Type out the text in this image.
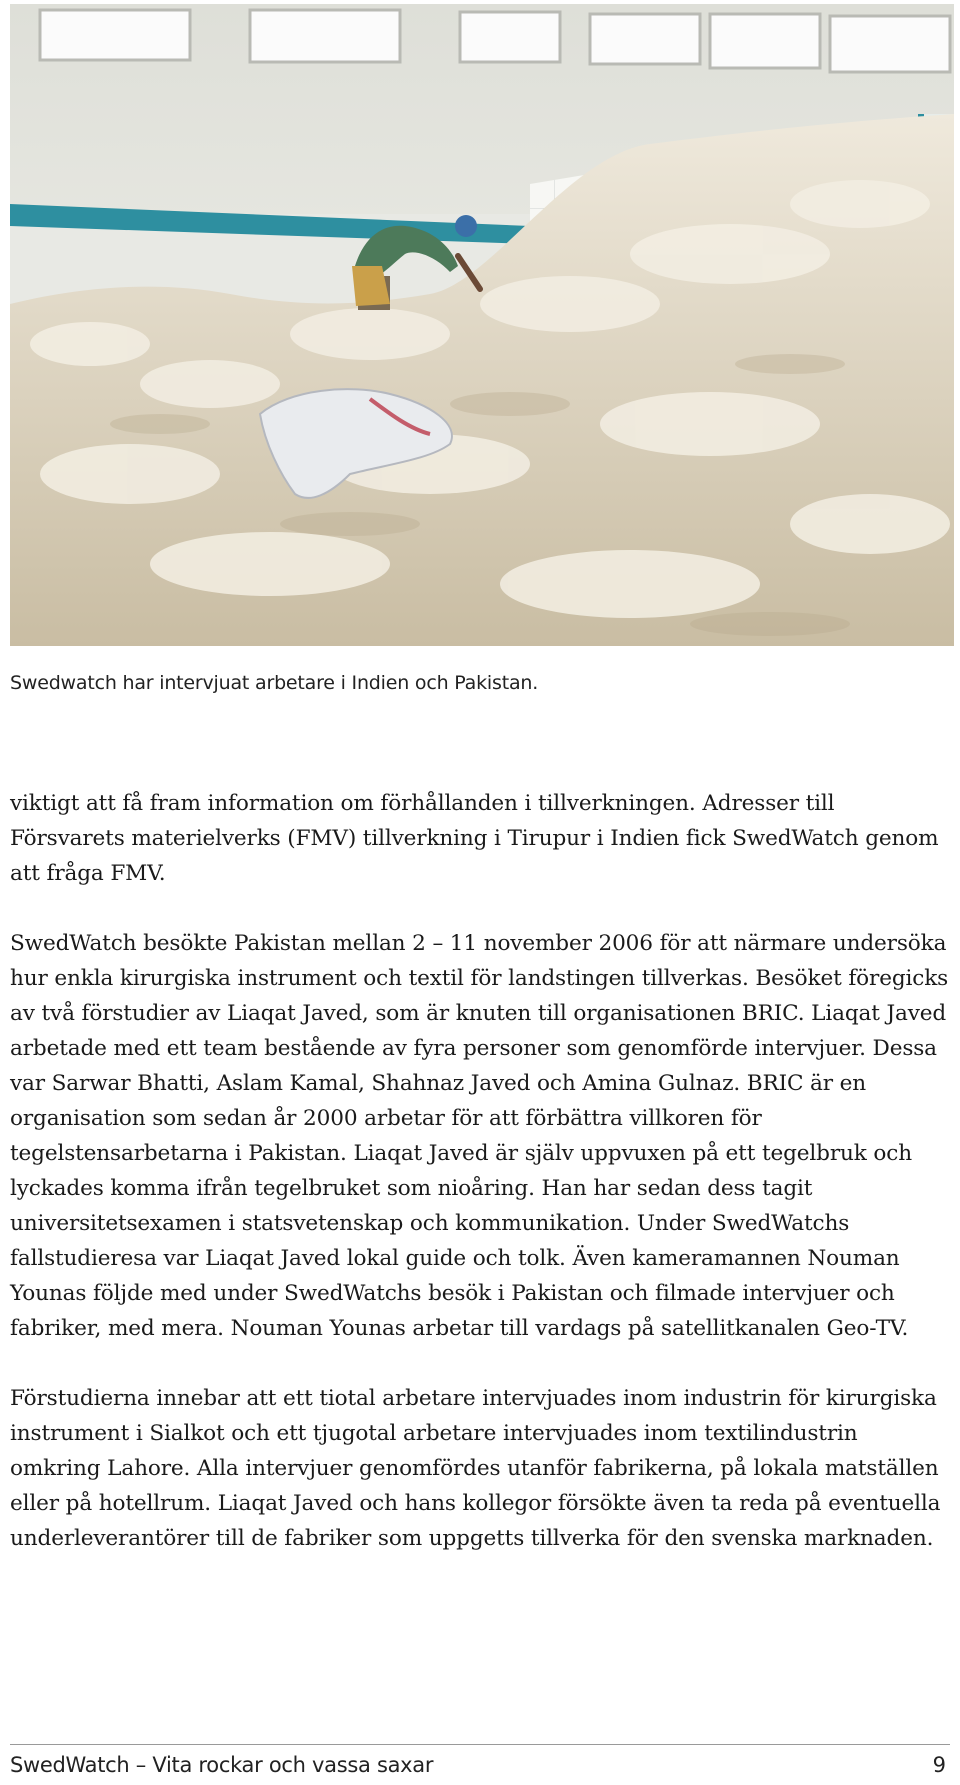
Swedwatch har intervjuat arbetare i Indien och Pakistan.

viktigt att få fram information om förhållanden i tillverkningen. Adresser till Försvarets materielverks (FMV) tillverkning i Tirupur i Indien fick SwedWatch genom att fråga FMV.

SwedWatch besökte Pakistan mellan 2 – 11 november 2006 för att närmare undersöka hur enkla kirurgiska instrument och textil för landstingen tillverkas. Besöket föregicks av två förstudier av Liaqat Javed, som är knuten till organisationen BRIC. Liaqat Javed arbetade med ett team bestående av fyra personer som genomförde intervjuer. Dessa var Sarwar Bhatti, Aslam Kamal, Shahnaz Javed och Amina Gulnaz. BRIC är en organisation som sedan år 2000 arbetar för att förbättra villkoren för tegelstensarbetarna i Pakistan. Liaqat Javed är själv uppvuxen på ett tegelbruk och lyckades komma ifrån tegelbruket som nioåring. Han har sedan dess tagit universitetsexamen i statsvetenskap och kommunikation. Under SwedWatchs fallstudieresa var Liaqat Javed lokal guide och tolk. Även kameramannen Nouman Younas följde med under SwedWatchs besök i Pakistan och filmade intervjuer och fabriker, med mera. Nouman Younas arbetar till vardags på satellitkanalen Geo-TV.

Förstudierna innebar att ett tiotal arbetare intervjuades inom industrin för kirurgiska instrument i Sialkot och ett tjugotal arbetare intervjuades inom textilindustrin omkring Lahore. Alla intervjuer genomfördes utanför fabrikerna, på lokala matställen eller på hotellrum. Liaqat Javed och hans kollegor försökte även ta reda på eventuella underleverantörer till de fabriker som uppgetts tillverka för den svenska marknaden.

SwedWatch – Vita rockar och vassa saxar	9
